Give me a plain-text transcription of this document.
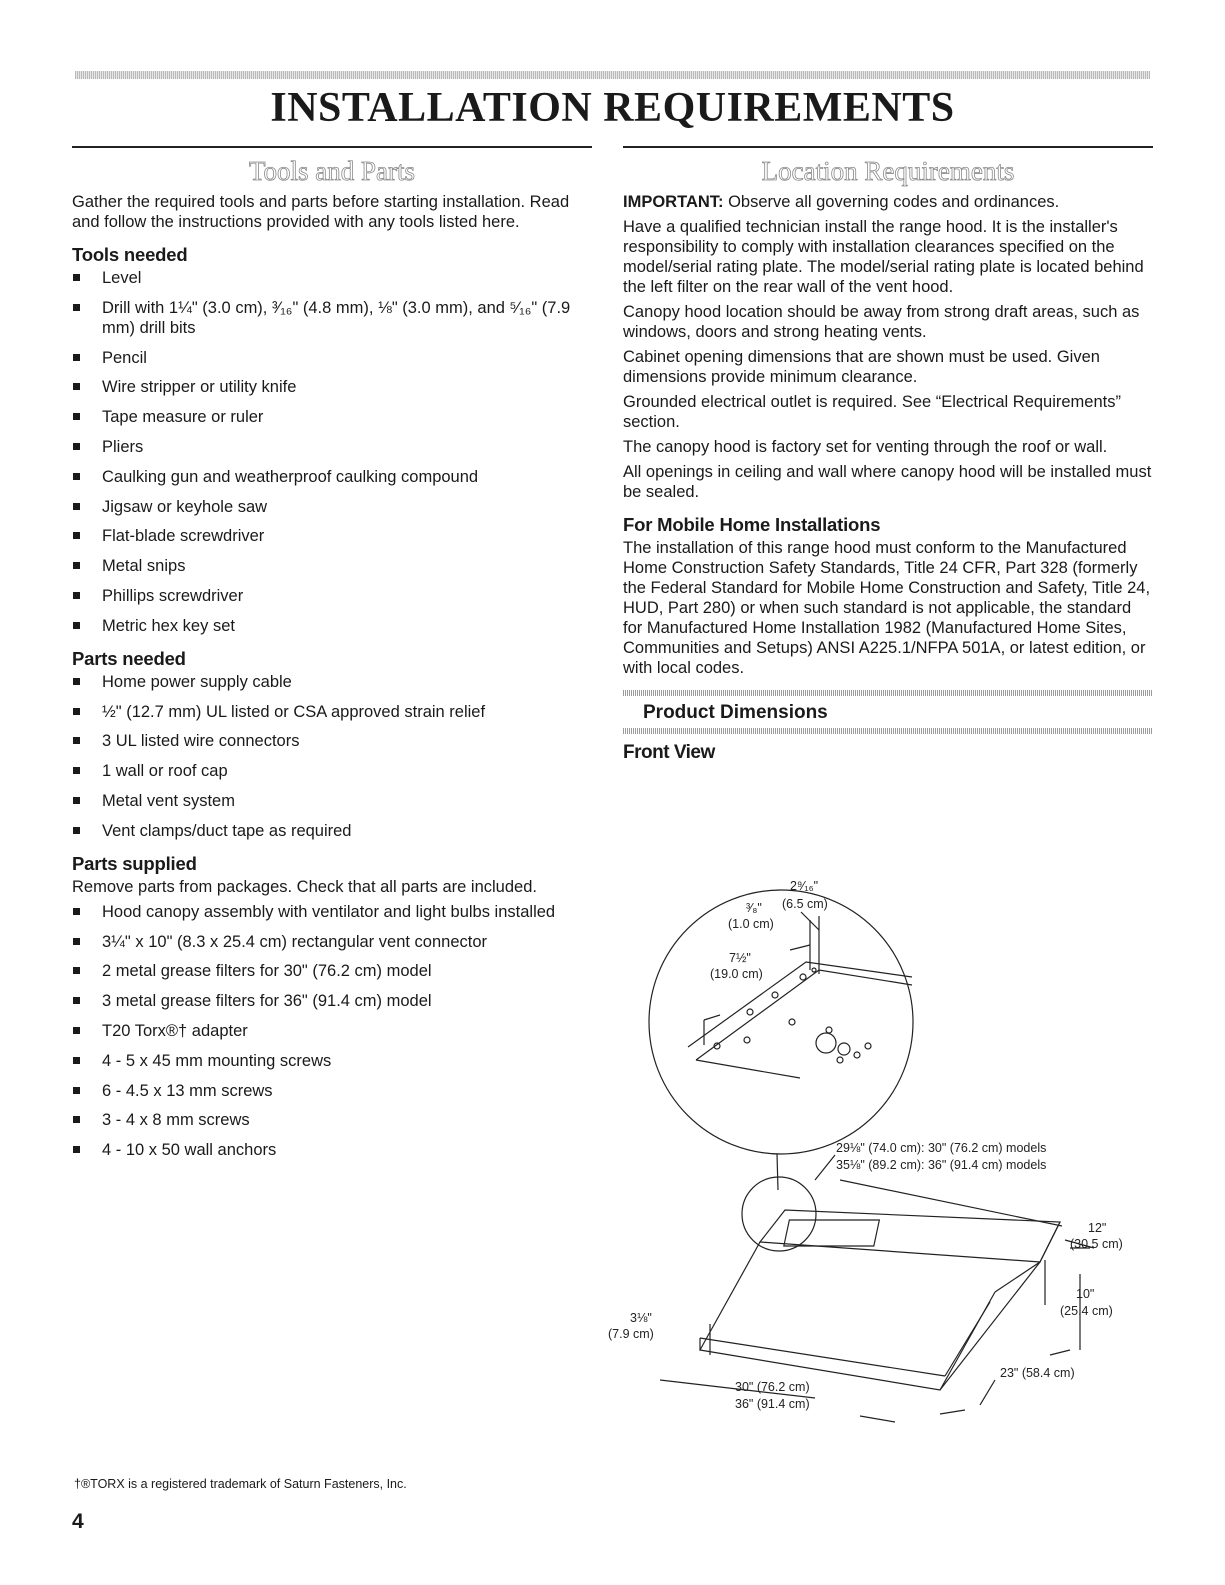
INSTALLATION REQUIREMENTS
Tools and Parts

Gather the required tools and parts before starting installation. Read and follow the instructions provided with any tools listed here.

Tools needed
Level
Drill with 1¼" (3.0 cm), ³⁄₁₆" (4.8 mm), ⅛" (3.0 mm), and ⁵⁄₁₆" (7.9 mm) drill bits
Pencil
Wire stripper or utility knife
Tape measure or ruler
Pliers
Caulking gun and weatherproof caulking compound
Jigsaw or keyhole saw
Flat-blade screwdriver
Metal snips
Phillips screwdriver
Metric hex key set
Parts needed
Home power supply cable
½" (12.7 mm) UL listed or CSA approved strain relief
3 UL listed wire connectors
1 wall or roof cap
Metal vent system
Vent clamps/duct tape as required
Parts supplied

Remove parts from packages. Check that all parts are included.

Hood canopy assembly with ventilator and light bulbs installed
3¼" x 10" (8.3 x 25.4 cm) rectangular vent connector
2 metal grease filters for 30" (76.2 cm) model
3 metal grease filters for 36" (91.4 cm) model
T20 Torx®† adapter
4 - 5 x 45 mm mounting screws
6 - 4.5 x 13 mm screws
3 - 4 x 8 mm screws
4 - 10 x 50 wall anchors
Location Requirements

IMPORTANT: Observe all governing codes and ordinances.

Have a qualified technician install the range hood. It is the installer's responsibility to comply with installation clearances specified on the model/serial rating plate. The model/serial rating plate is located behind the left filter on the rear wall of the vent hood.

Canopy hood location should be away from strong draft areas, such as windows, doors and strong heating vents.

Cabinet opening dimensions that are shown must be used. Given dimensions provide minimum clearance.

Grounded electrical outlet is required. See “Electrical Requirements” section.

The canopy hood is factory set for venting through the roof or wall.

All openings in ceiling and wall where canopy hood will be installed must be sealed.

For Mobile Home Installations

The installation of this range hood must conform to the Manufactured Home Construction Safety Standards, Title 24 CFR, Part 328 (formerly the Federal Standard for Mobile Home Construction and Safety, Title 24, HUD, Part 280) or when such standard is not applicable, the standard for Manufactured Home Installation 1982 (Manufactured Home Sites, Communities and Setups) ANSI A225.1/NFPA 501A, or latest edition, or with local codes.

Product Dimensions
Front View
2⁹⁄₁₆"
(6.5 cm)
³⁄₈"
(1.0 cm)
7½"
(19.0 cm)
29⅛" (74.0 cm): 30" (76.2 cm) models
35⅛" (89.2 cm): 36" (91.4 cm) models
12"
(30.5 cm)
10"
(25.4 cm)
3⅛"
(7.9 cm)
23" (58.4 cm)
30" (76.2 cm)
36" (91.4 cm)
†®TORX is a registered trademark of Saturn Fasteners, Inc.
4
